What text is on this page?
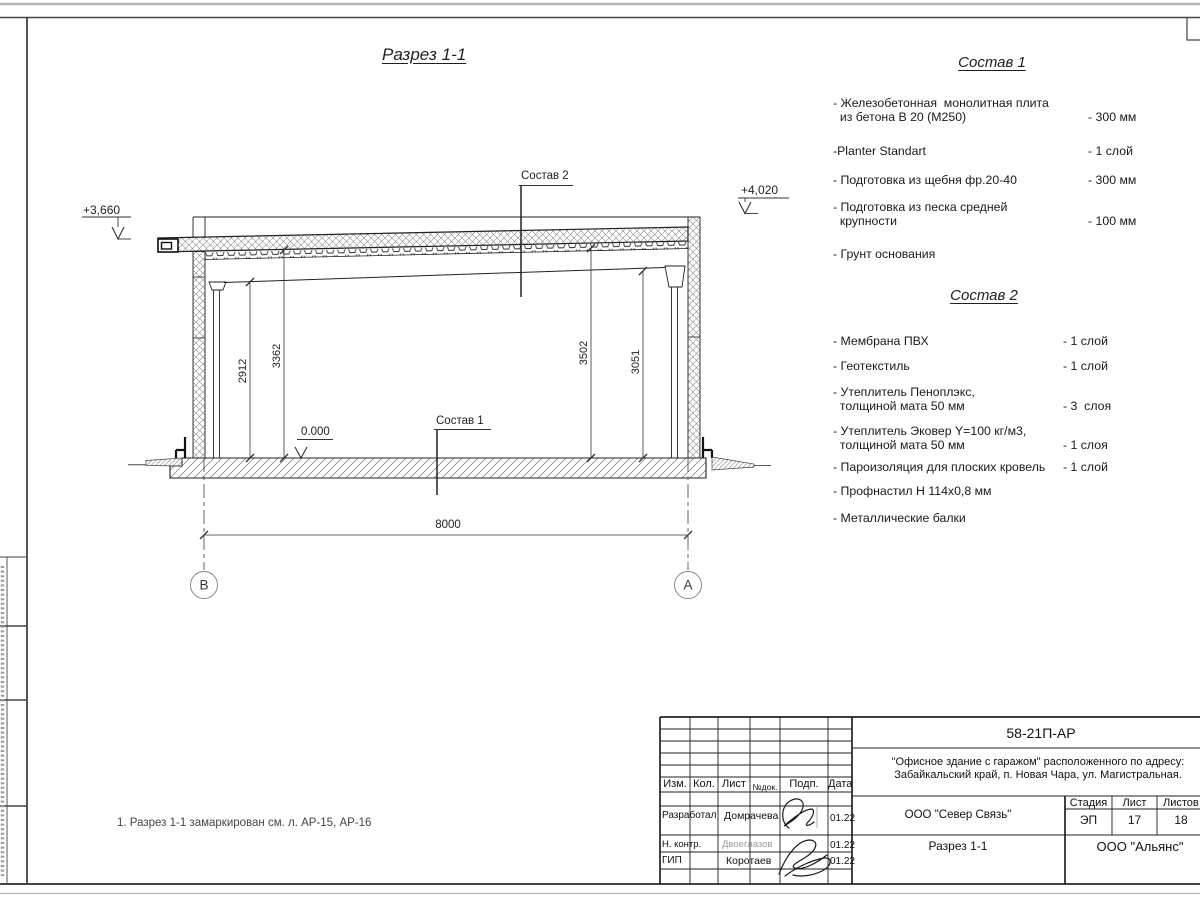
Разрез 1-1
+3,660
+4,020
0.000
Состав 2
Состав 1
2912
3362	3502	3051
8000
В	А
1. Разрез 1-1 замаркирован см. л. АР-15, АР-16
Состав 1
- Железобетонная  монолитная плита
из бетона В 20 (М250)	- 300 мм
-Planter Standart	- 1 слой
- Подготовка из щебня фр.20-40	- 300 мм
- Подготовка из песка средней
крупности	- 100 мм
- Грунт основания
Состав 2
- Мембрана ПВХ	- 1 слой
- Геотекстиль	- 1 слой
- Утеплитель Пеноплэкс,
толщиной мата 50 мм	- 3  слоя
- Утеплитель Эковер Y=100 кг/м3,
толщиной мата 50 мм	- 1 слоя
- Пароизоляция для плоских кровель	- 1 слой
- Профнастил Н 114х0,8 мм
- Металлические балки
58-21П-АР
"Офисное здание с гаражом" расположенного по адресу:
Забайкальский край, п. Новая Чара, ул. Магистральная.
ООО "Север Связь"
Разрез 1-1	ООО "Альянс"
Изм. Кол. Лист №док.	Подп. Дата
Разработал Домрачева	01.22
Н. контр. Двоеглазов	01.22
ГИП	Коротаев	01.22
Стадия	Лист	Листов
ЭП	17	18
